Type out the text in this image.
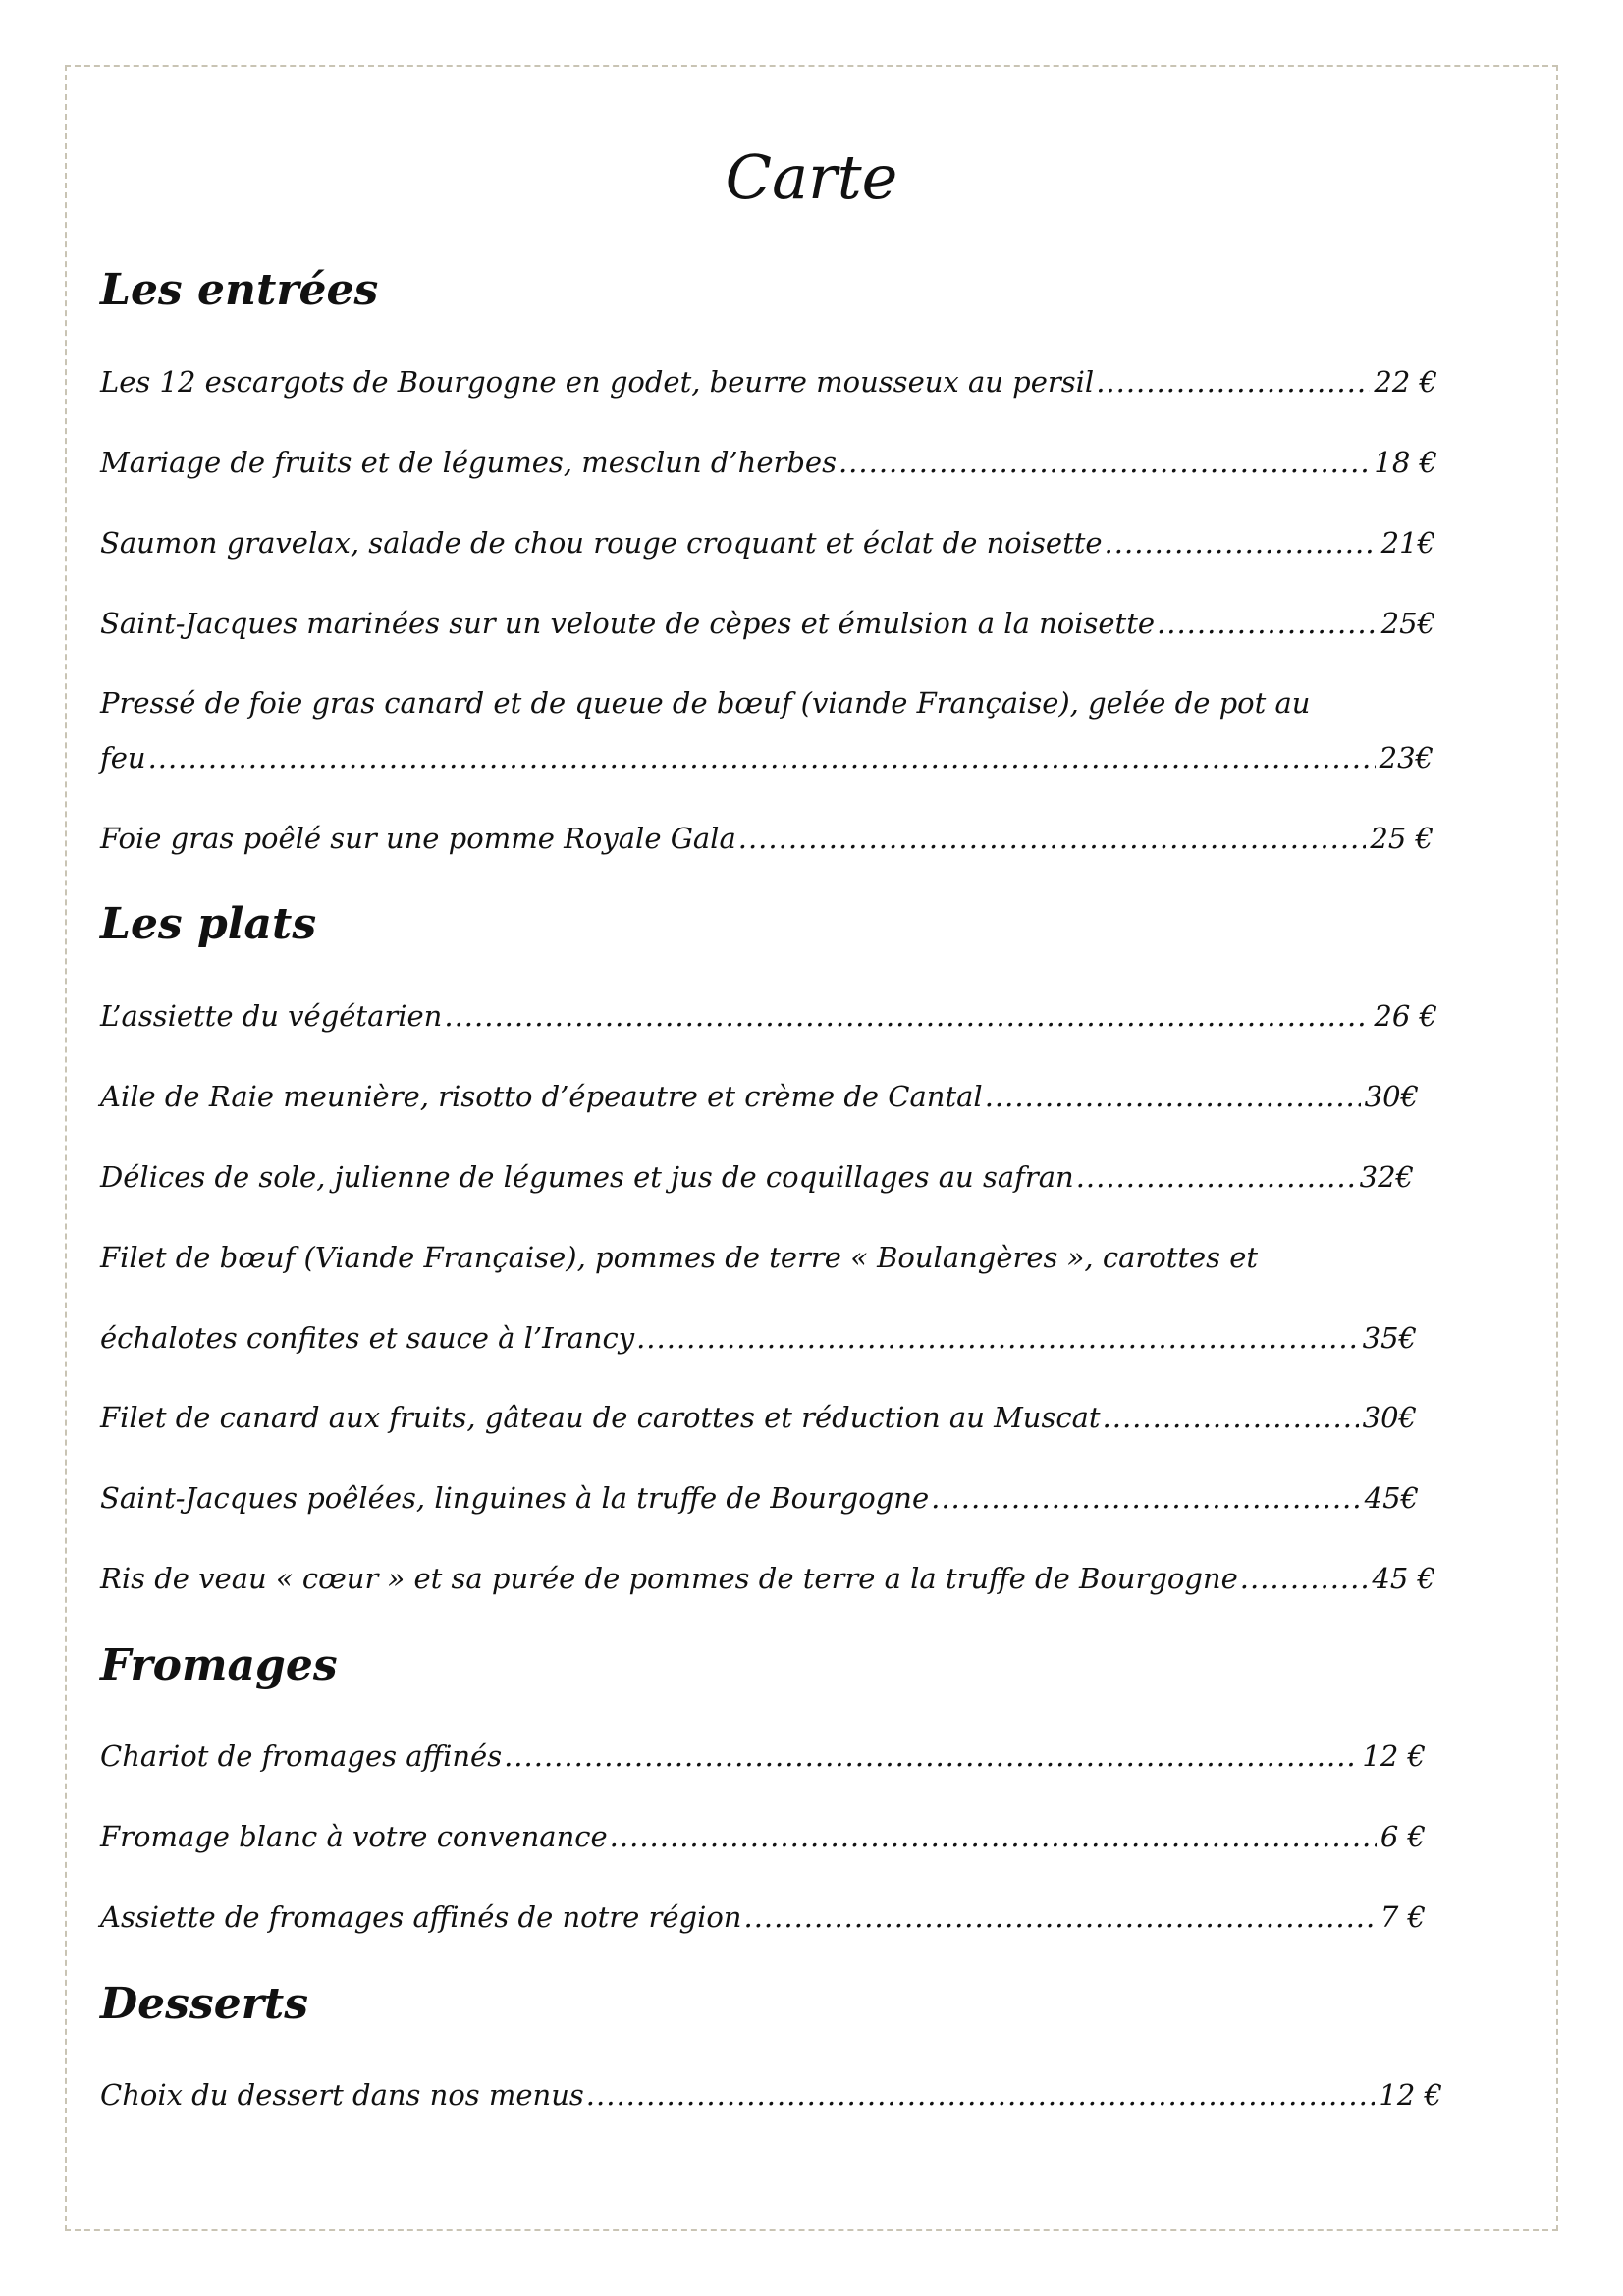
Carte
Les entrées
Les 12 escargots de Bourgogne en godet, beurre mousseux au persil .....	22 €
Mariage de fruits et de légumes, mesclun d’herbes .....	18 €
Saumon gravelax, salade de chou rouge croquant et éclat de noisette .....	21€
Saint-Jacques marinées sur un veloute de cèpes et émulsion a la noisette .....	25€
Pressé de foie gras canard et de queue de bœuf (viande Française), gelée de pot au
feu .....	23€
Foie gras poêlé sur une pomme Royale Gala .....	25 €
Les plats
L’assiette du végétarien .....	26 €
Aile de Raie meunière, risotto d’épeautre et crème de Cantal .....	30€
Délices de sole, julienne de légumes et jus de coquillages au safran .....	32€
Filet de bœuf (Viande Française), pommes de terre « Boulangères », carottes et
échalotes confites et sauce à l’Irancy .....	35€
Filet de canard aux fruits, gâteau de carottes et réduction au Muscat .....	30€
Saint-Jacques poêlées, linguines à la truffe de Bourgogne .....	45€
Ris de veau « cœur » et sa purée de pommes de terre a la truffe de Bourgogne .....	45 €
Fromages
Chariot de fromages affinés .....	12 €
Fromage blanc à votre convenance .....	6 €
Assiette de fromages affinés de notre région .....	7 €
Desserts
Choix du dessert dans nos menus .....	12 €
